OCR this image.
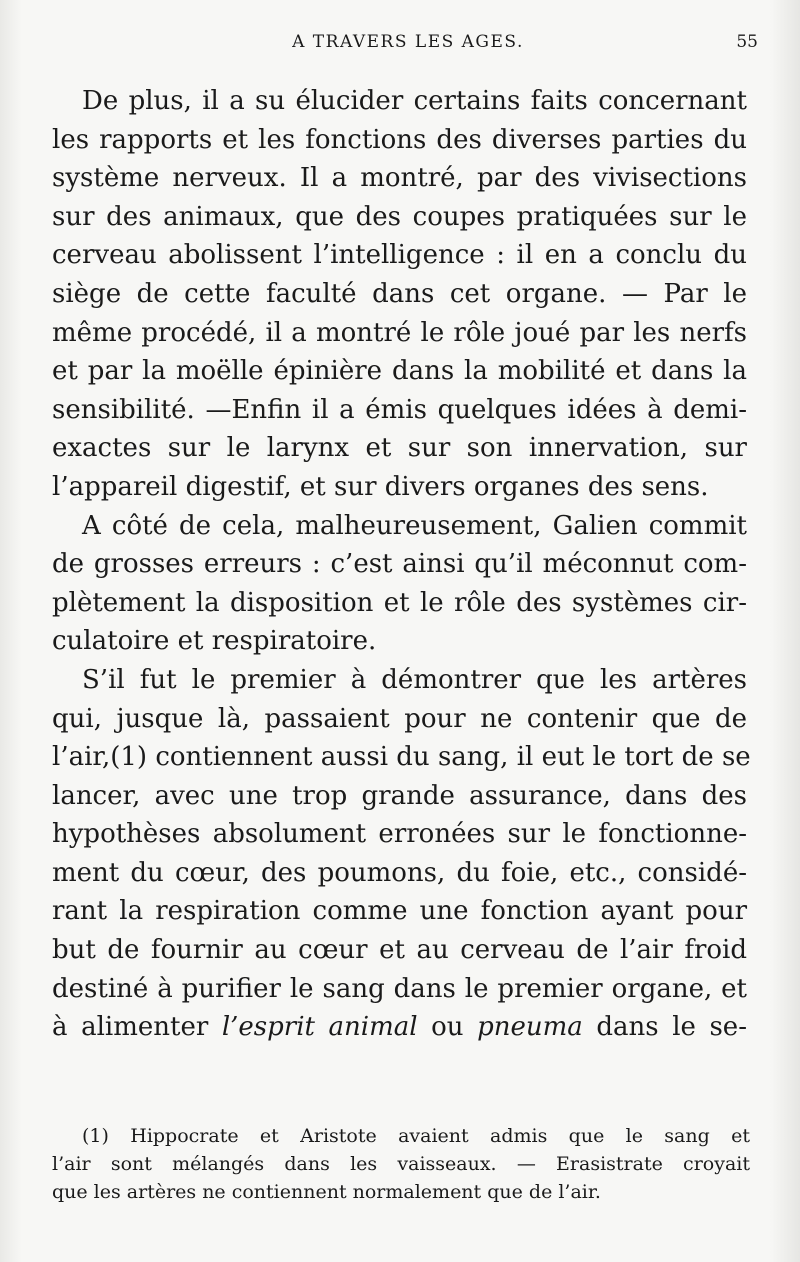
A TRAVERS LES AGES.	55
De plus, il a su élucider certains faits concernant
les rapports et les fonctions des diverses parties du
système nerveux. Il a montré, par des vivisections
sur des animaux, que des coupes pratiquées sur le
cerveau abolissent l’intelligence : il en a conclu du
siège de cette faculté dans cet organe. — Par le
même procédé, il a montré le rôle joué par les nerfs
et par la moëlle épinière dans la mobilité et dans la
sensibilité. —Enfin il a émis quelques idées à demi-
exactes sur le larynx et sur son innervation, sur
l’appareil digestif, et sur divers organes des sens.
A côté de cela, malheureusement, Galien commit
de grosses erreurs : c’est ainsi qu’il méconnut com-
plètement la disposition et le rôle des systèmes cir-
culatoire et respiratoire.
S’il fut le premier à démontrer que les artères
qui, jusque là, passaient pour ne contenir que de
l’air,(1) contiennent aussi du sang, il eut le tort de se
lancer, avec une trop grande assurance, dans des
hypothèses absolument erronées sur le fonctionne-
ment du cœur, des poumons, du foie, etc., considé-
rant la respiration comme une fonction ayant pour
but de fournir au cœur et au cerveau de l’air froid
destiné à purifier le sang dans le premier organe, et
à alimenter l’esprit animal ou pneuma dans le se-
(1) Hippocrate et Aristote avaient admis que le sang et
l’air sont mélangés dans les vaisseaux. — Erasistrate croyait
que les artères ne contiennent normalement que de l’air.
